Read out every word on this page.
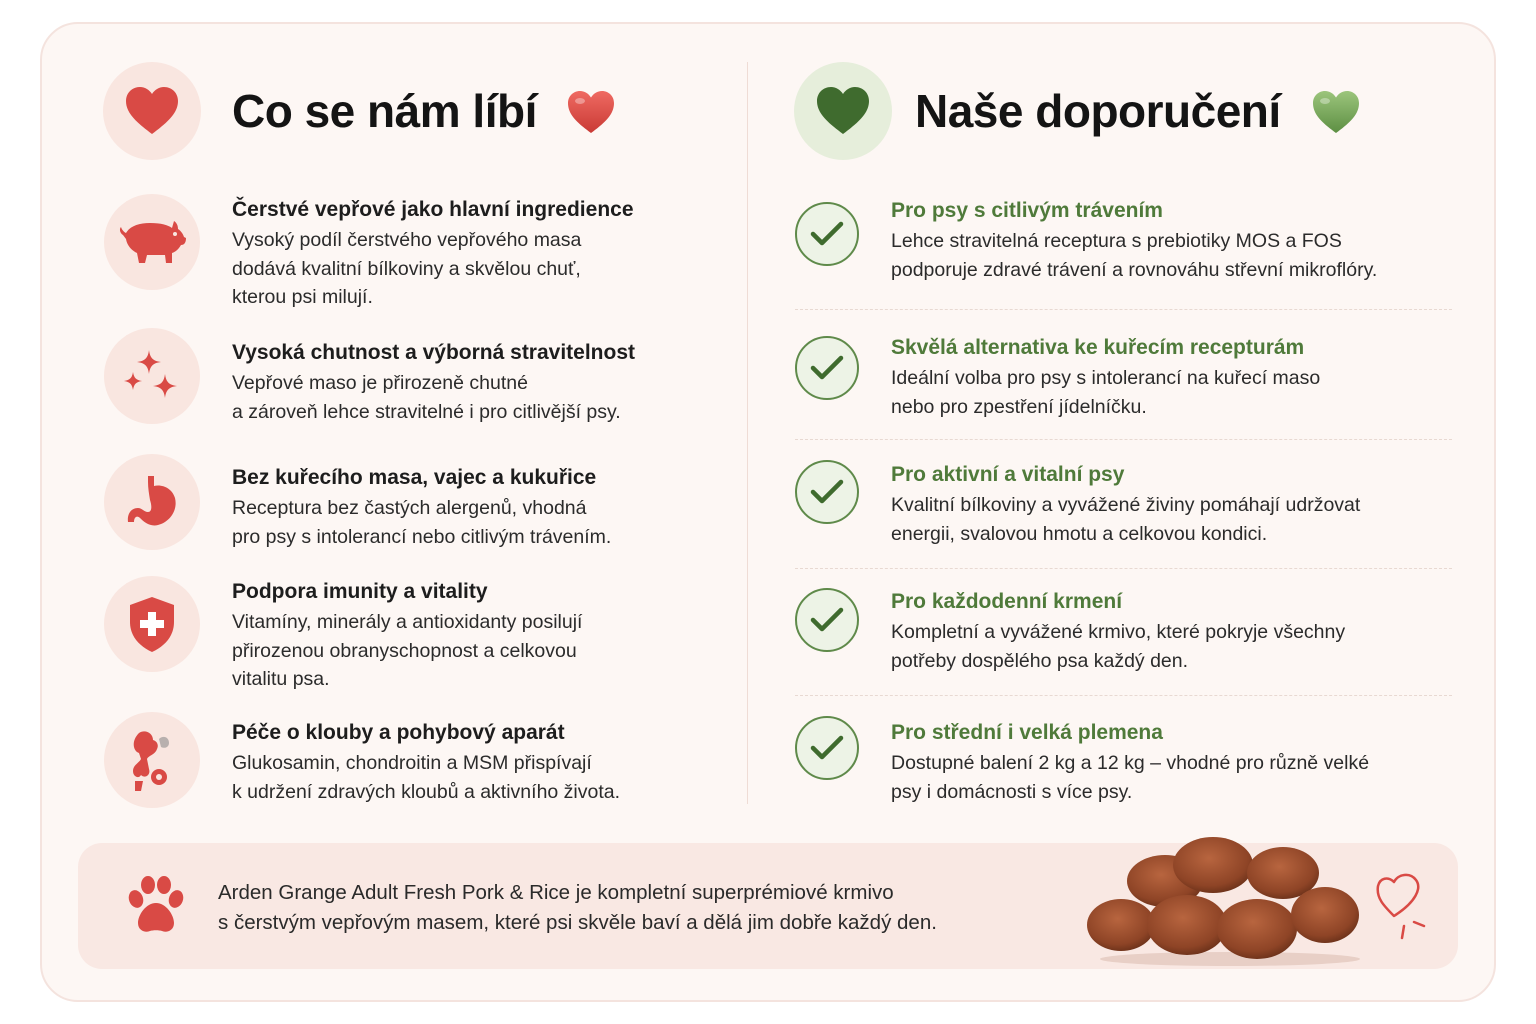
Co se nám líbí	Naše doporučení
Čerstvé vepřové jako hlavní ingredience
Vysoký podíl čerstvého vepřového masa
dodává kvalitní bílkoviny a skvělou chuť,
kterou psi milují.
Vysoká chutnost a výborná stravitelnost
Vepřové maso je přirozeně chutné
a zároveň lehce stravitelné i pro citlivější psy.
Bez kuřecího masa, vajec a kukuřice
Receptura bez častých alergenů, vhodná
pro psy s intolerancí nebo citlivým trávením.
Podpora imunity a vitality
Vitamíny, minerály a antioxidanty posilují
přirozenou obranyschopnost a celkovou
vitalitu psa.
Péče o klouby a pohybový aparát
Glukosamin, chondroitin a MSM přispívají
k udržení zdravých kloubů a aktivního života.
Pro psy s citlivým trávením
Lehce stravitelná receptura s prebiotiky MOS a FOS
podporuje zdravé trávení a rovnováhu střevní mikroflóry.
Skvělá alternativa ke kuřecím recepturám
Ideální volba pro psy s intolerancí na kuřecí maso
nebo pro zpestření jídelníčku.
Pro aktivní a vitalní psy
Kvalitní bílkoviny a vyvážené živiny pomáhají udržovat
energii, svalovou hmotu a celkovou kondici.
Pro každodenní krmení
Kompletní a vyvážené krmivo, které pokryje všechny
potřeby dospělého psa každý den.
Pro střední i velká plemena
Dostupné balení 2 kg a 12 kg – vhodné pro různě velké
psy i domácnosti s více psy.
Arden Grange Adult Fresh Pork & Rice je kompletní superprémiové krmivo
s čerstvým vepřovým masem, které psi skvěle baví a dělá jim dobře každý den.
